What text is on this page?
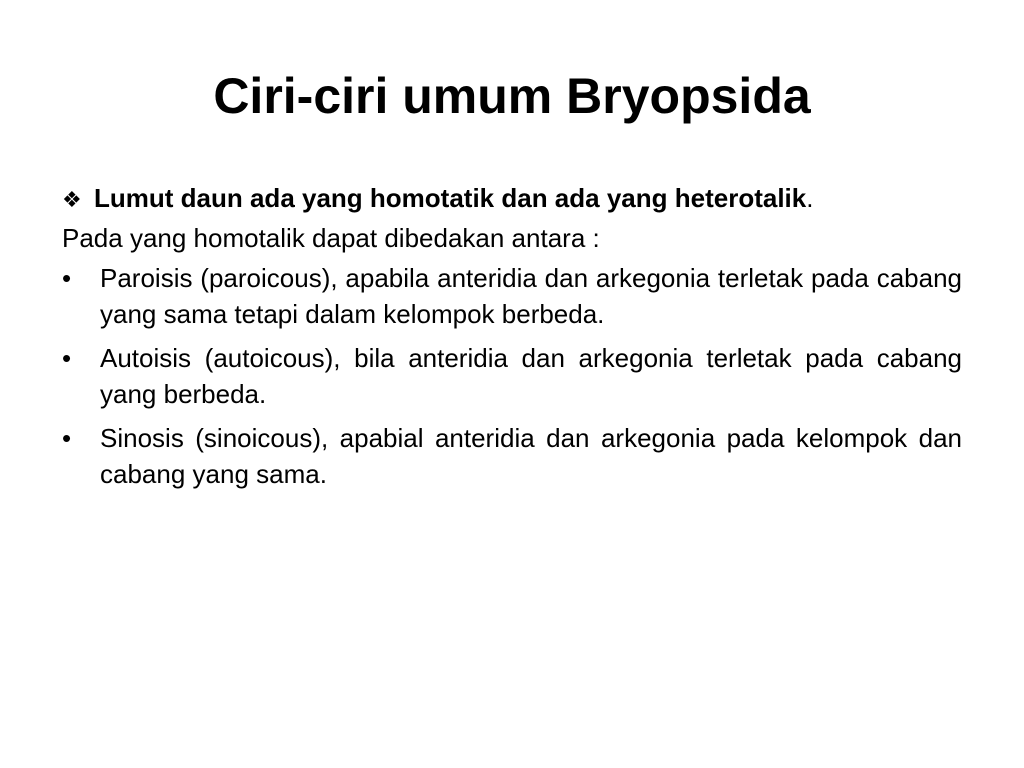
Ciri-ciri umum Bryopsida

❖ Lumut daun ada yang homotatik dan ada yang heterotalik.

Pada yang homotalik dapat dibedakan antara :

•	Paroisis (paroicous), apabila anteridia dan arkegonia terletak pada cabang yang sama tetapi dalam kelompok berbeda.
•	Autoisis (autoicous), bila anteridia dan arkegonia terletak pada cabang yang berbeda.
•	Sinosis (sinoicous), apabial anteridia dan arkegonia pada kelompok dan cabang yang sama.
